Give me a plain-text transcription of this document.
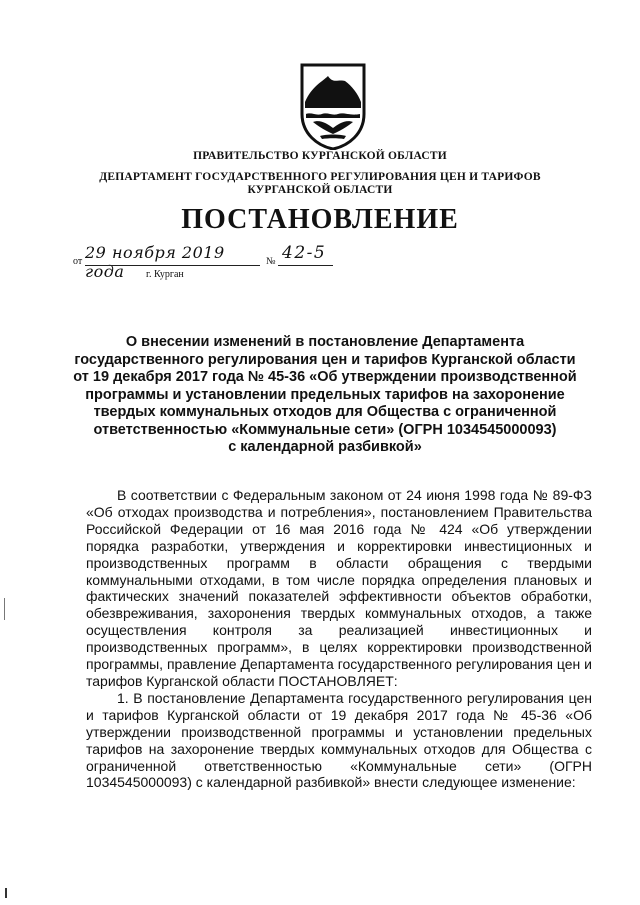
ПРАВИТЕЛЬСТВО КУРГАНСКОЙ ОБЛАСТИ
ДЕПАРТАМЕНТ ГОСУДАРСТВЕННОГО РЕГУЛИРОВАНИЯ ЦЕН И ТАРИФОВ
КУРГАНСКОЙ ОБЛАСТИ
ПОСТАНОВЛЕНИЕ
от 29 ноября 2019 года
№ 42-5
г. Курган
О внесении изменений в постановление Департамента
государственного регулирования цен и тарифов Курганской области
от 19 декабря 2017 года № 45-36 «Об утверждении производственной
программы и установлении предельных тарифов на захоронение
твердых коммунальных отходов для Общества с ограниченной
ответственностью «Коммунальные сети» (ОГРН 1034545000093)
с календарной разбивкой»

В соответствии с Федеральным законом от 24 июня 1998 года № 89-ФЗ «Об отходах производства и потребления», постановлением Правительства Российской Федерации от 16 мая 2016 года № 424 «Об утверждении порядка разработки, утверждения и корректировки инвестиционных и производственных программ в области обращения с твердыми коммунальными отходами, в том числе порядка определения плановых и фактических значений показателей эффективности объектов обработки, обезвреживания, захоронения твердых коммунальных отходов, а также осуществления контроля за реализацией инвестиционных и производственных программ», в целях корректировки производственной программы, правление Департамента государственного регулирования цен и тарифов Курганской области ПОСТАНОВЛЯЕТ:

1. В постановление Департамента государственного регулирования цен и тарифов Курганской области от 19 декабря 2017 года № 45-36 «Об утверждении производственной программы и установлении предельных тарифов на захоронение твердых коммунальных отходов для Общества с ограниченной ответственностью «Коммунальные сети» (ОГРН 1034545000093) с календарной разбивкой» внести следующее изменение:
